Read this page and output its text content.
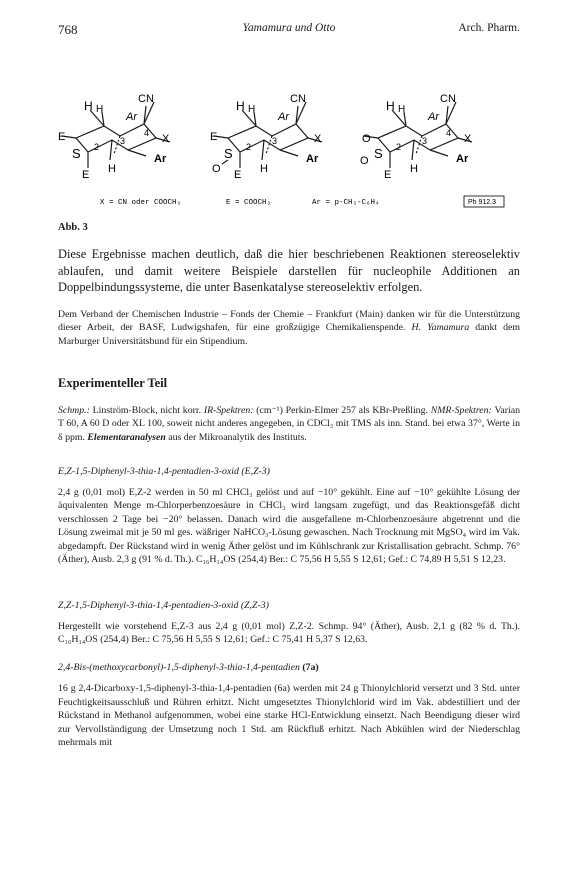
768	Yamamura und Otto	Arch. Pharm.
H H
CN
Ar
E	X
S 2
3
4
Ar
E H
H H
CN
Ar
E	X
S
O
2
3
Ar
E H
H H
CN
Ar
X
S
O
O
2
3
4
Ar
E H
X = CN oder COOCH₃	E = COOCH₃	Ar = p-CH₃-C₆H₄	Ph 912.3
Abb. 3

Diese Ergebnisse machen deutlich, daß die hier beschriebenen Reaktionen stereoselektiv ablaufen, und damit weitere Beispiele darstellen für nucleophile Additionen an Doppelbindungssysteme, die unter Basenkatalyse stereoselektiv erfolgen.

Dem Verband der Chemischen Industrie – Fonds der Chemie – Frankfurt (Main) danken wir für die Unterstützung dieser Arbeit, der BASF, Ludwigshafen, für eine großzügige Chemikalienspende. H. Yamamura dankt dem Marburger Universitätsbund für ein Stipendium.

Experimenteller Teil

Schmp.: Linström-Block, nicht korr. IR-Spektren: (cm⁻¹) Perkin-Elmer 257 als KBr-Preßling. NMR-Spektren: Varian T 60, A 60 D oder XL 100, soweit nicht anderes angegeben, in CDCl₃ mit TMS als inn. Stand. bei etwa 37°, Werte in δ ppm. Elementaranalysen aus der Mikroanalytik des Instituts.

E,Z-1,5-Diphenyl-3-thia-1,4-pentadien-3-oxid (E,Z-3)

2,4 g (0,01 mol) E,Z-2 werden in 50 ml CHCl₃ gelöst und auf −10° gekühlt. Eine auf −10° gekühlte Lösung der äquivalenten Menge m-Chlorperbenzoesäure in CHCl₃ wird langsam zugefügt, und das Reaktionsgefäß dicht verschlossen 2 Tage bei −20° belassen. Danach wird die ausgefallene m-Chlorbenzoesäure abgetrennt und die Lösung zweimal mit je 50 ml ges. wäßriger NaHCO₃-Lösung gewaschen. Nach Trocknung mit MgSO₄ wird im Vak. abgedampft. Der Rückstand wird in wenig Äther gelöst und im Kühlschrank zur Kristallisation gebracht. Schmp. 76° (Äther), Ausb. 2,3 g (91 % d. Th.). C₁₆H₁₄OS (254,4) Ber.: C 75,56 H 5,55 S 12,61; Gef.: C 74,89 H 5,51 S 12,23.

Z,Z-1,5-Diphenyl-3-thia-1,4-pentadien-3-oxid (Z,Z-3)

Hergestellt wie vorstehend E,Z-3 aus 2,4 g (0,01 mol) Z,Z-2. Schmp. 94° (Äther), Ausb. 2,1 g (82 % d. Th.). C₁₆H₁₄OS (254,4) Ber.: C 75,56 H 5,55 S 12,61; Gef.: C 75,41 H 5,37 S 12,63.

2,4-Bis-(methoxycarbonyl)-1,5-diphenyl-3-thia-1,4-pentadien (7a)

16 g 2,4-Dicarboxy-1,5-diphenyl-3-thia-1,4-pentadien (6a) werden mit 24 g Thionylchlorid versetzt und 3 Std. unter Feuchtigkeitsausschluß und Rühren erhitzt. Nicht umgesetztes Thionylchlorid wird im Vak. abdestilliert und der Rückstand in Methanol aufgenommen, wobei eine starke HCl-Entwicklung einsetzt. Nach Beendigung dieser wird zur Vervollständigung der Umsetzung noch 1 Std. am Rückfluß erhitzt. Nach Abkühlen wird der Niederschlag mehrmals mit
